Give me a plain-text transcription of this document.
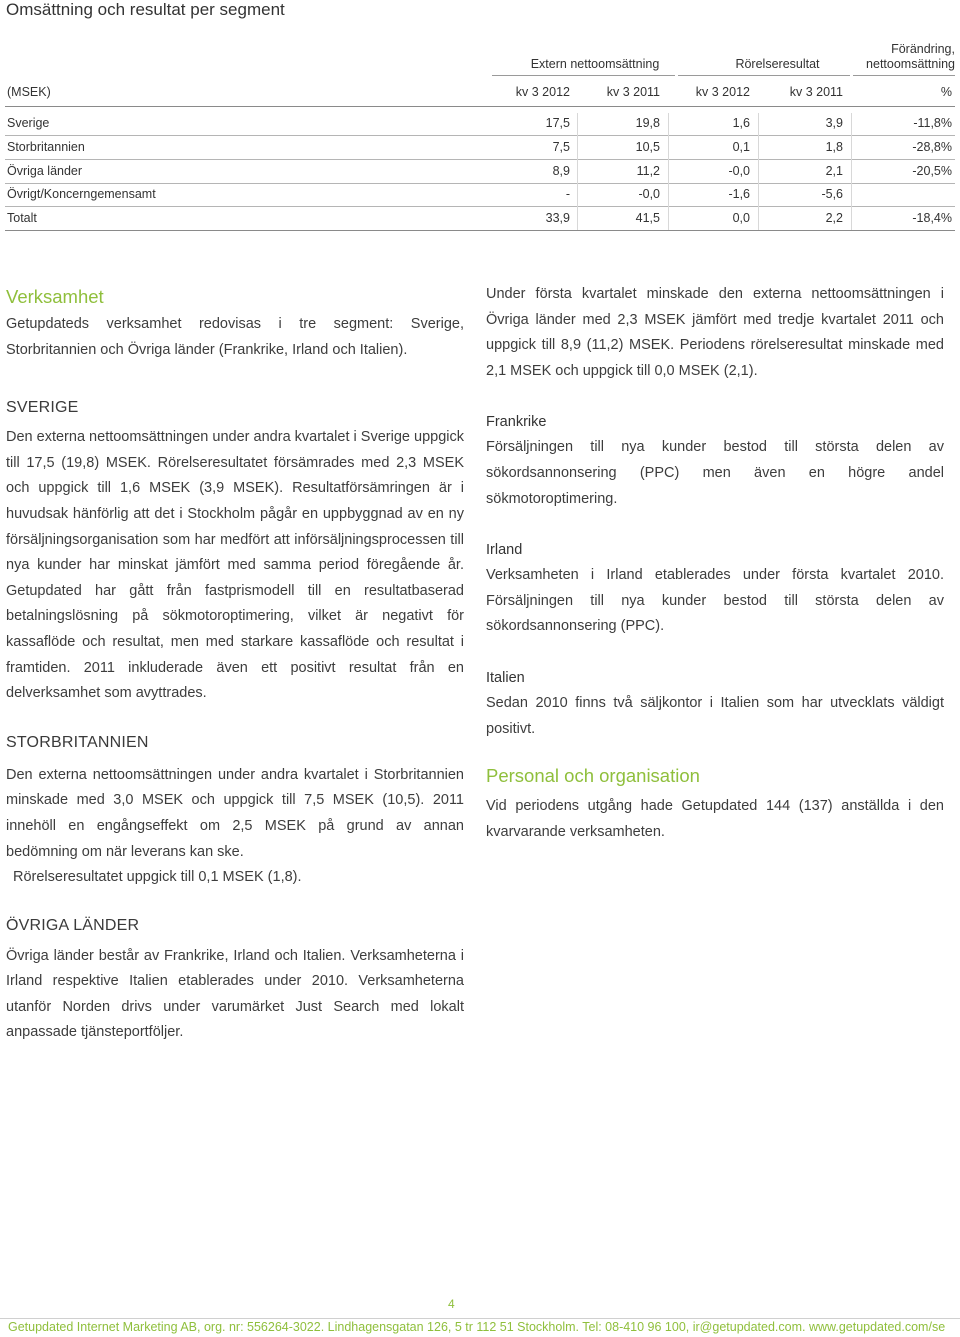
Omsättning och resultat per segment
Extern nettoomsättning	Rörelseresultat
Förändring,
nettoomsättning
(MSEK)	kv 3 2012	kv 3 2011	kv 3 2012	kv 3 2011	%
Sverige	17,5	19,8	1,6	3,9	-11,8%
Storbritannien	7,5	10,5	0,1	1,8	-28,8%
Övriga länder	8,9	11,2	-0,0	2,1	-20,5%
Övrigt/Koncerngemensamt	-	-0,0	-1,6	-5,6
Totalt	33,9	41,5	0,0	2,2	-18,4%
Verksamhet

Getupdateds verksamhet redovisas i tre segment: Sverige, Storbritannien och Övriga länder (Frankrike, Irland och Italien).

SVERIGE

Den externa nettoomsättningen under andra kvartalet i Sverige uppgick till 17,5 (19,8) MSEK. Rörelseresultatet försämrades med 2,3 MSEK och uppgick till 1,6 MSEK (3,9 MSEK). Resultatförsämringen är i huvudsak hänförlig att det i Stockholm pågår en uppbyggnad av en ny försäljningsorganisation som har medfört att införsäljningsprocessen till nya kunder har minskat jämfört med samma period föregående år. Getupdated har gått från fastprismodell till en resultatbaserad betalningslösning på sökmotoroptimering, vilket är negativt för kassaflöde och resultat, men med starkare kassaflöde och resultat i framtiden. 2011 inkluderade även ett positivt resultat från en delverksamhet som avyttrades.

STORBRITANNIEN

Den externa nettoomsättningen under andra kvartalet i Storbritannien minskade med 3,0 MSEK och uppgick till 7,5 MSEK (10,5). 2011 innehöll en engångseffekt om 2,5 MSEK på grund av annan bedömning om när leverans kan ske.

Rörelseresultatet uppgick till 0,1 MSEK (1,8).

ÖVRIGA LÄNDER

Övriga länder består av Frankrike, Irland och Italien. Verksamheterna i Irland respektive Italien etablerades under 2010. Verksamheterna utanför Norden drivs under varumärket Just Search med lokalt anpassade tjänsteportföljer.

Under första kvartalet minskade den externa nettoomsättningen i Övriga länder med 2,3 MSEK jämfört med tredje kvartalet 2011 och uppgick till 8,9 (11,2) MSEK. Periodens rörelseresultat minskade med 2,1 MSEK och uppgick till 0,0 MSEK (2,1).

Frankrike

Försäljningen till nya kunder bestod till största delen av sökordsannonsering (PPC) men även en högre andel sökmotoroptimering.

Irland

Verksamheten i Irland etablerades under första kvartalet 2010. Försäljningen till nya kunder bestod till största delen av sökordsannonsering (PPC).

Italien

Sedan 2010 finns två säljkontor i Italien som har utvecklats väldigt positivt.

Personal och organisation

Vid periodens utgång hade Getupdated 144 (137) anställda i den kvarvarande verksamheten.

4
Getupdated Internet Marketing AB, org. nr: 556264-3022. Lindhagensgatan 126, 5 tr 112 51 Stockholm. Tel: 08-410 96 100, ir@getupdated.com. www.getupdated.com/se
